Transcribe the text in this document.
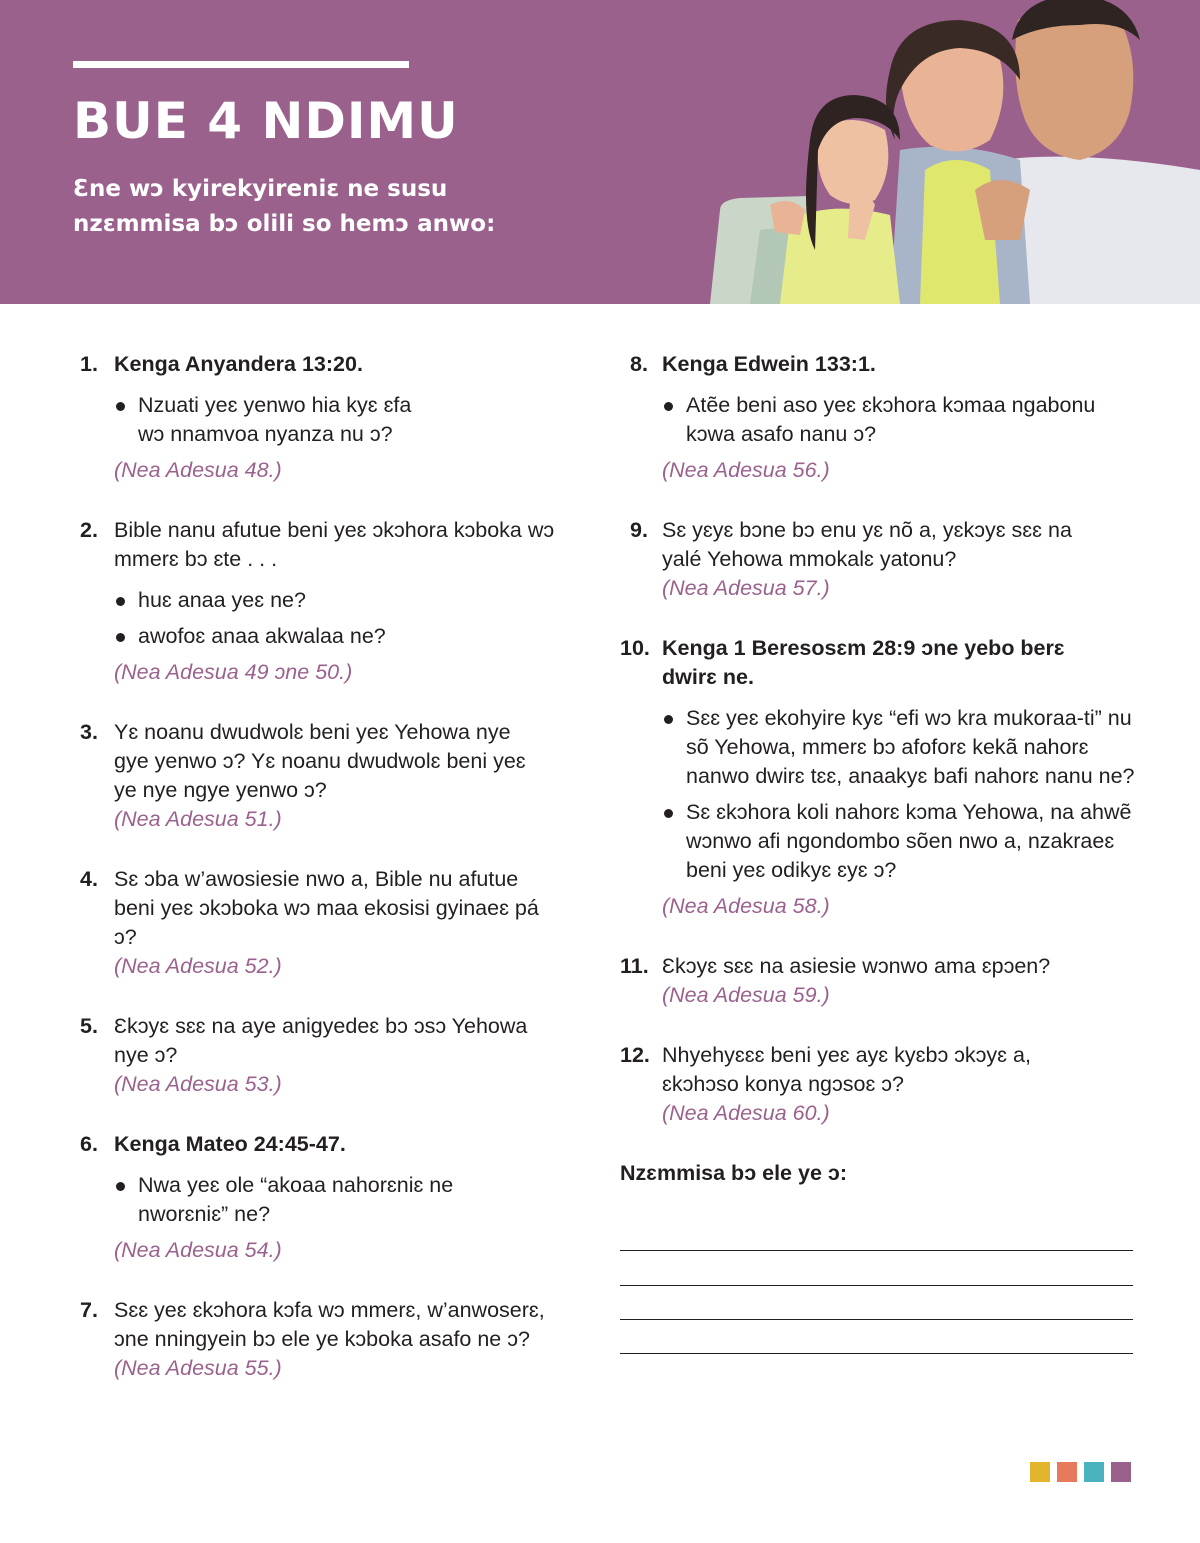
BUE 4 NDIMU
Ɛne wɔ kyirekyireniɛ ne susu
nzɛmmisa bɔ olili so hemɔ anwo:
1. Kenga Anyandera 13:20.
Nzuati yeɛ yenwo hia kyɛ ɛfa wɔ nnamvoa nyanza nu ɔ?
(Nea Adesua 48.)
2. Bible nanu afutue beni yeɛ ɔkɔhora kɔboka wɔ mmerɛ bɔ ɛte . . .
huɛ anaa yeɛ ne?
awofoɛ anaa akwalaa ne?
(Nea Adesua 49 ɔne 50.)
3. Yɛ noanu dwudwolɛ beni yeɛ Yehowa nye gye yenwo ɔ? Yɛ noanu dwudwolɛ beni yeɛ ye nye ngye yenwo ɔ?
(Nea Adesua 51.)
4. Sɛ ɔba w’awosiesie nwo a, Bible nu afutue beni yeɛ ɔkɔboka wɔ maa ekosisi gyinaeɛ pá ɔ?
(Nea Adesua 52.)
5. Ɛkɔyɛ sɛɛ na aye anigyedeɛ bɔ ɔsɔ Yehowa nye ɔ?
(Nea Adesua 53.)
6. Kenga Mateo 24:45-47.
Nwa yeɛ ole “akoaa nahorɛniɛ ne nworɛniɛ” ne?
(Nea Adesua 54.)
7. Sɛɛ yeɛ ɛkɔhora kɔfa wɔ mmerɛ, w’anwoserɛ, ɔne nningyein bɔ ele ye kɔboka asafo ne ɔ?
(Nea Adesua 55.)
8. Kenga Edwein 133:1.
Atẽe beni aso yeɛ ɛkɔhora kɔmaa ngabonu kɔwa asafo nanu ɔ?
(Nea Adesua 56.)
9. Sɛ yɛyɛ bɔne bɔ enu yɛ nõ a, yɛkɔyɛ sɛɛ na yalé Yehowa mmokalɛ yatonu?
(Nea Adesua 57.)
10. Kenga 1 Beresosɛm 28:9 ɔne yebo berɛ dwirɛ ne.
Sɛɛ yeɛ ekohyire kyɛ “efi wɔ kra mukoraa-ti” nu sõ Yehowa, mmerɛ bɔ afoforɛ kekã nahorɛ nanwo dwirɛ tɛɛ, anaakyɛ bafi nahorɛ nanu ne?
Sɛ ɛkɔhora koli nahorɛ kɔma Yehowa, na ahwẽ wɔnwo afi ngondombo sõen nwo a, nzakraeɛ beni yeɛ odikyɛ ɛyɛ ɔ?
(Nea Adesua 58.)
11. Ɛkɔyɛ sɛɛ na asiesie wɔnwo ama ɛpɔen?
(Nea Adesua 59.)
12. Nhyehyɛɛɛ beni yeɛ ayɛ kyɛbɔ ɔkɔyɛ a, ɛkɔhɔso konya ngɔsoɛ ɔ?
(Nea Adesua 60.)
Nzɛmmisa bɔ ele ye ɔ:
